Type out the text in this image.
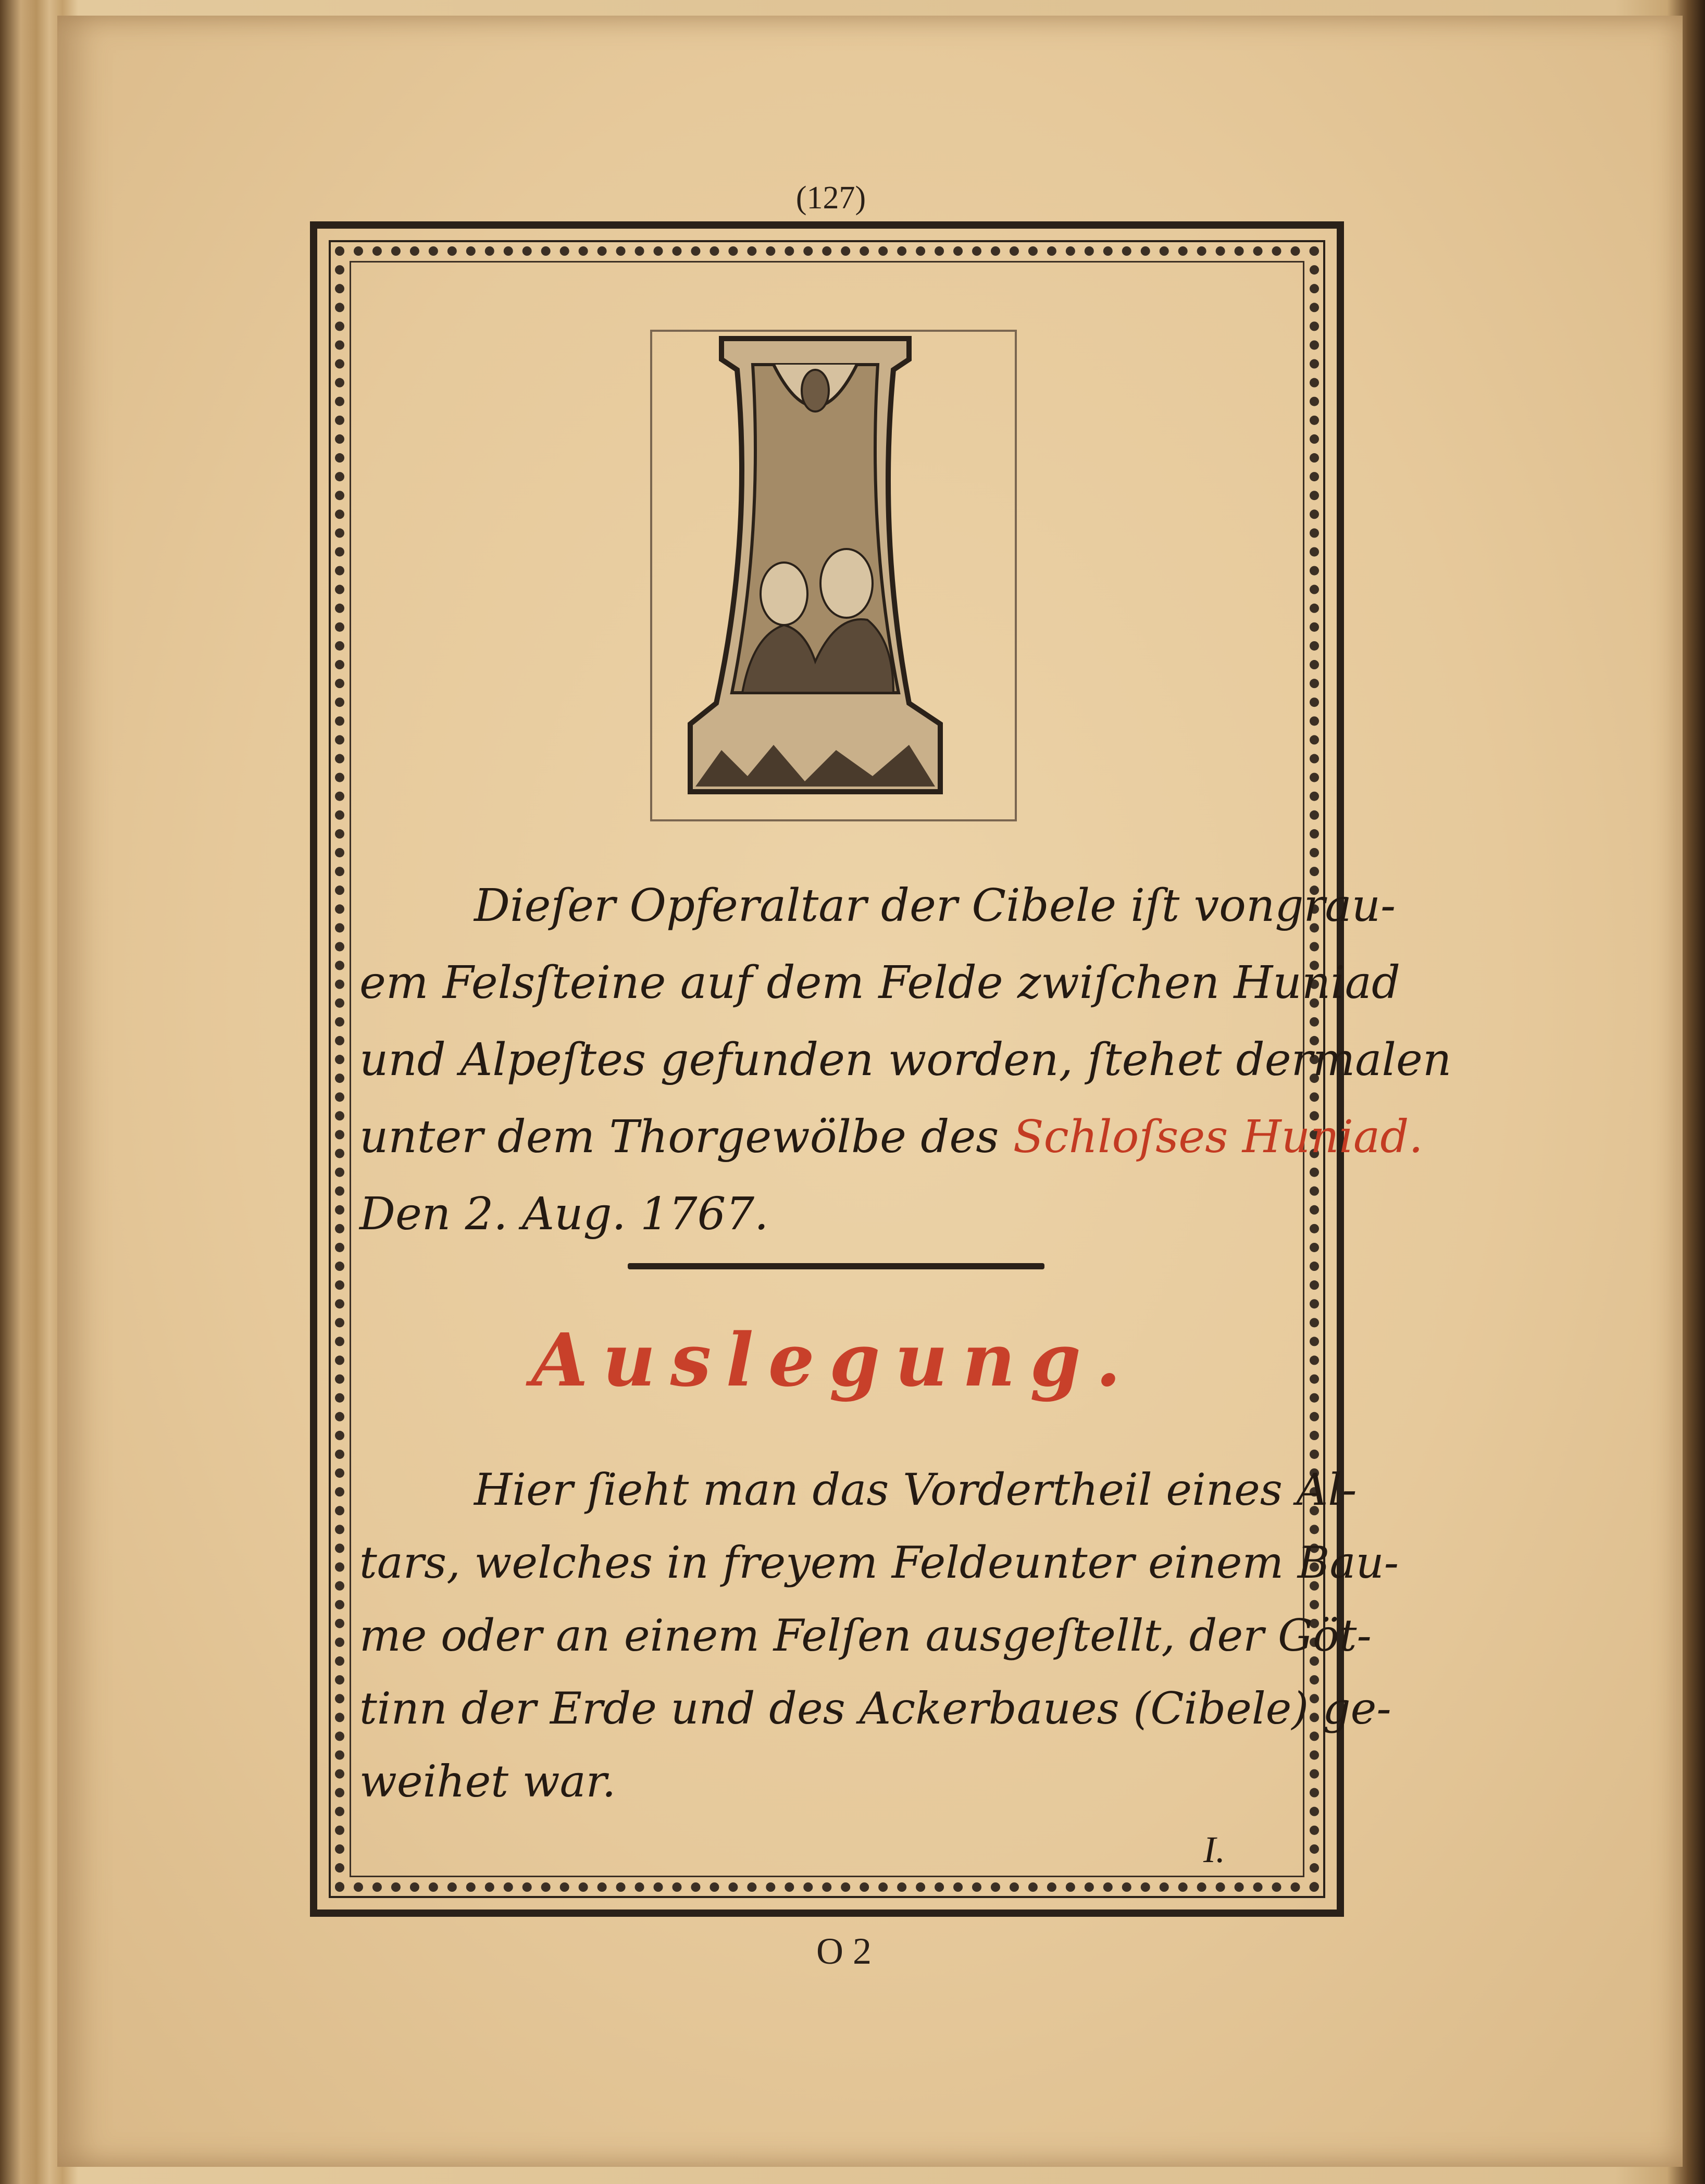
(127)
Dieſer Opferaltar der Cibele iſt vongrau-
em Felsſteine auf dem Felde zwiſchen Huniad
und Alpeſtes gefunden worden, ſtehet dermalen
unter dem Thorgewölbe des Schloſses Huniad.
Den 2. Aug. 1767.
Auslegung.
Hier ſieht man das Vordertheil eines Al-
tars, welches in freyem Feldeunter einem Bau-
me oder an einem Felſen ausgeſtellt, der Göt-
tinn der Erde und des Ackerbaues (Cibele) ge-
weihet war.
I.
O 2
